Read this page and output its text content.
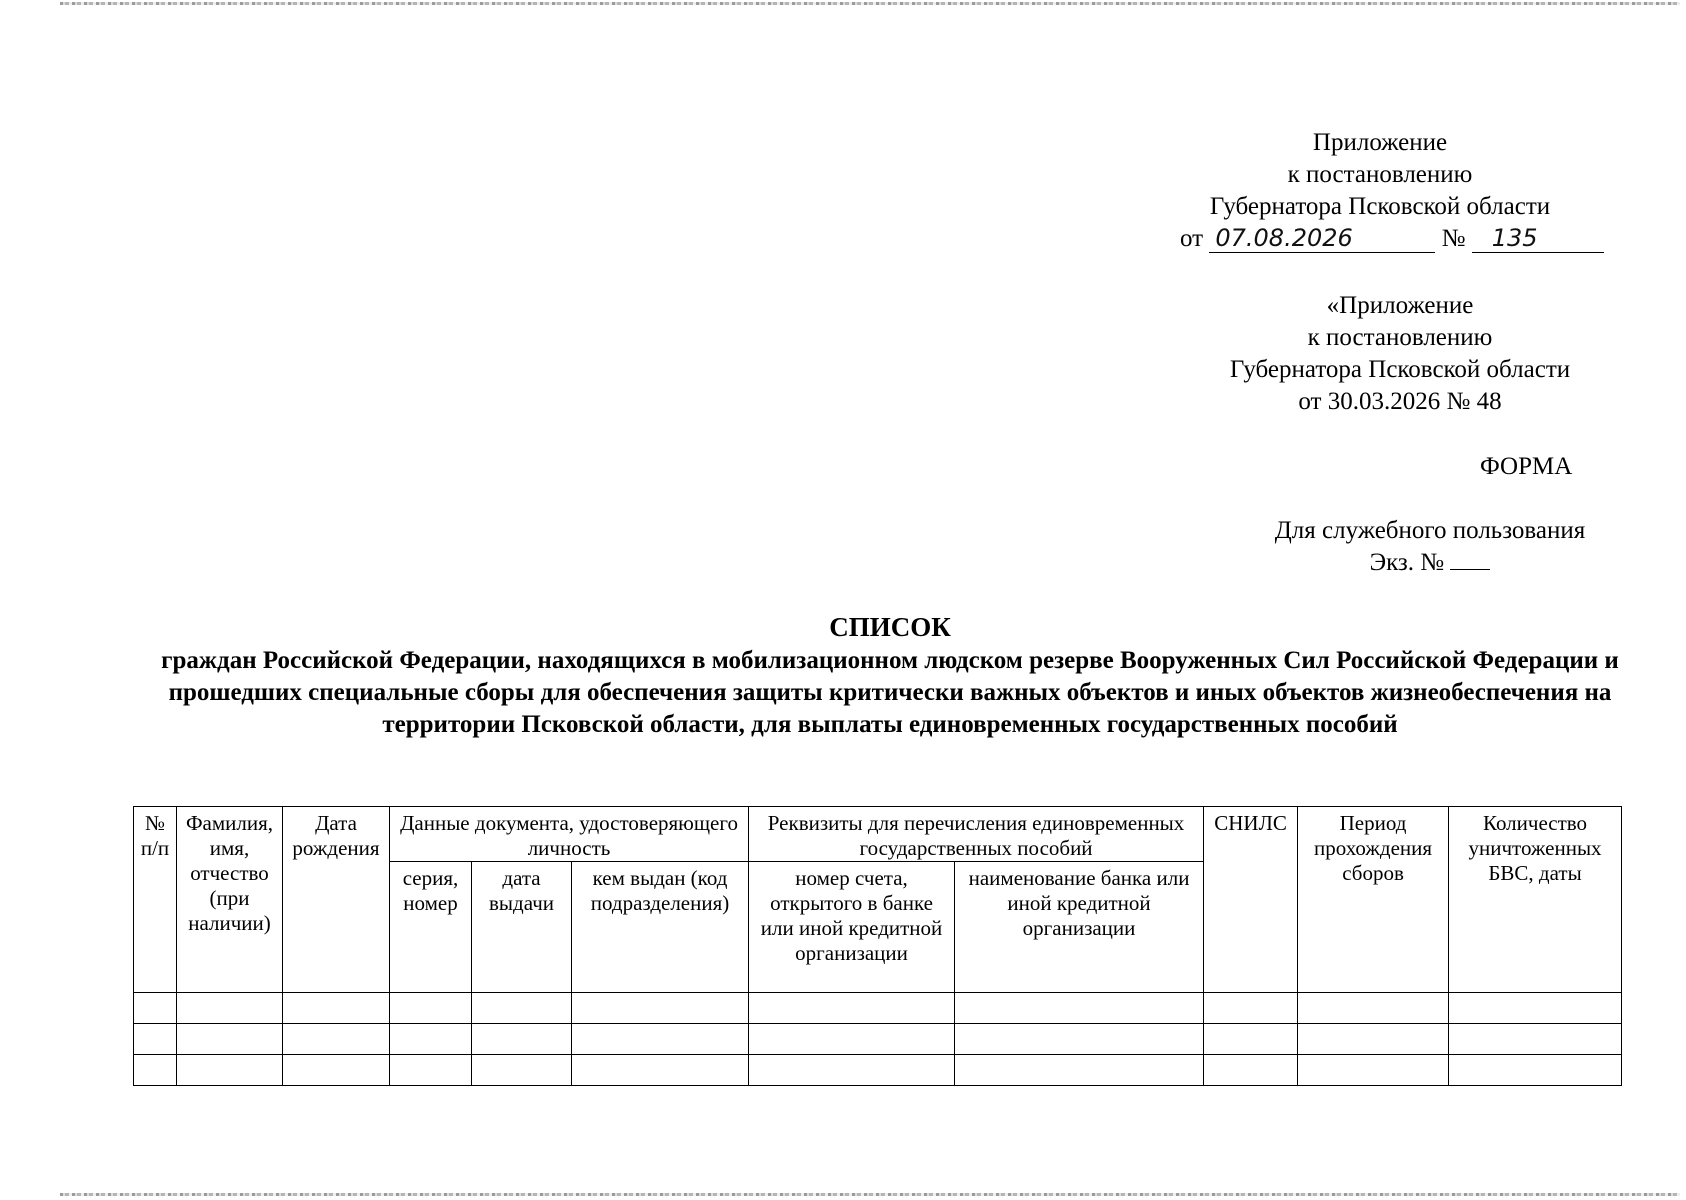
Приложение
к постановлению
Губернатора Псковской области
от 07.08.2026	№ 135
«Приложение
к постановлению
Губернатора Псковской области
от 30.03.2026 № 48
ФОРМА
Для служебного пользования
Экз. №
СПИСОК
граждан Российской Федерации, находящихся в мобилизационном людском резерве Вооруженных Сил Российской Федерации и прошедших специальные сборы для обеспечения защиты критически важных объектов и иных объектов жизнеобеспечения на территории Псковской области, для выплаты единовременных государственных пособий
№ п/п	Фамилия, имя, отчество (при наличии)	Дата рождения	Данные документа, удостоверяющего личность			Реквизиты для перечисления единовременных государственных пособий		СНИЛС	Период прохождения сборов	Количество уничтоженных БВС, даты
			серия, номер	дата выдачи	кем выдан (код подразделения)	номер счета, открытого в банке или иной кредитной организации	наименование банка или иной кредитной организации			
